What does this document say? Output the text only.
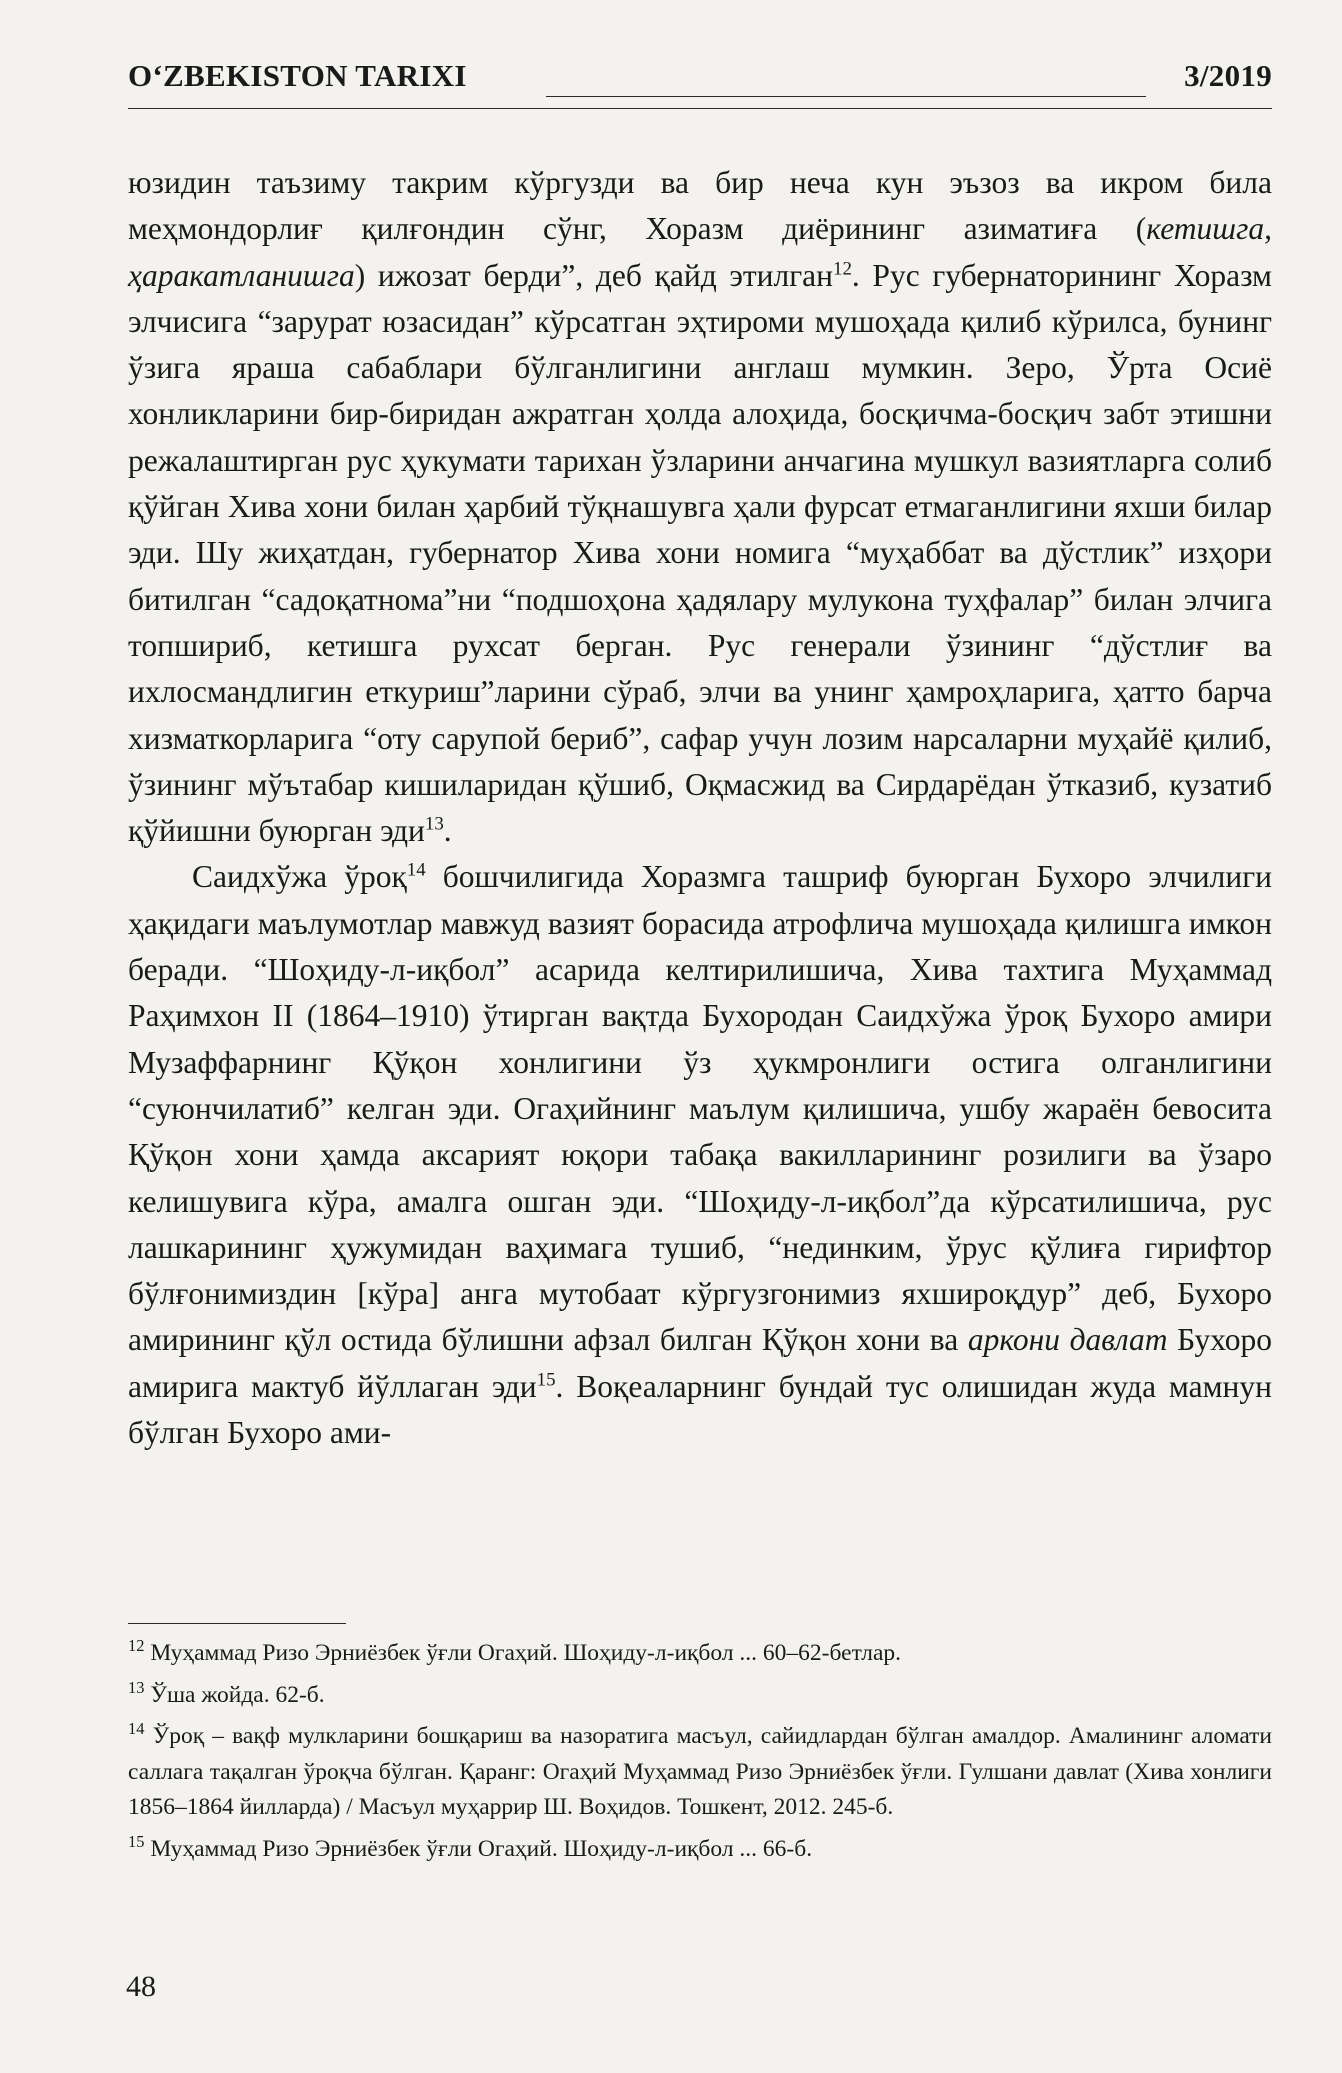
O‘ZBEKISTON TARIXI	3/2019

юзидин таъзиму такрим кўргузди ва бир неча кун эъзоз ва икром била меҳмондорлиғ қилғондин сўнг, Хоразм диёрининг азиматиға (кетишга, ҳаракатланишга) ижозат берди”, деб қайд этилган$^{12}$. Рус губернаторининг Хоразм элчисига “зарурат юзасидан” кўрсатган эҳтироми мушоҳада қилиб кўрилса, бунинг ўзига яраша сабаблари бўлганлигини англаш мумкин. Зеро, Ўрта Осиё хонликларини бир-биридан ажратган ҳолда алоҳида, босқичма-босқич забт этишни режалаштирган рус ҳукумати тарихан ўзларини анчагина мушкул вазиятларга солиб қўйган Хива хони билан ҳарбий тўқнашувга ҳали фурсат етмаганлигини яхши билар эди. Шу жиҳатдан, губернатор Хива хони номига “муҳаббат ва дўстлик” изҳори битилган “садоқатнома”ни “подшоҳона ҳадялару мулукона туҳфалар” билан элчига топшириб, кетишга рухсат берган. Рус генерали ўзининг “дўстлиғ ва ихлосмандлигин еткуриш”ларини сўраб, элчи ва унинг ҳамроҳларига, ҳатто барча хизматкорларига “оту сарупой бериб”, сафар учун лозим нарсаларни муҳайё қилиб, ўзининг мўътабар кишиларидан қўшиб, Оқмасжид ва Сирдарёдан ўтказиб, кузатиб қўйишни буюрган эди$^{13}$.

Саидхўжа ўроқ$^{14}$ бошчилигида Хоразмга ташриф буюрган Бухоро элчилиги ҳақидаги маълумотлар мавжуд вазият борасида атрофлича мушоҳада қилишга имкон беради. “Шоҳиду-л-иқбол” асарида келтирилишича, Хива тахтига Муҳаммад Раҳимхон II (1864–1910) ўтирган вақтда Бухородан Саидхўжа ўроқ Бухоро амири Музаффарнинг Қўқон хонлигини ўз ҳукмронлиги остига олганлигини “суюнчилатиб” келган эди. Огаҳийнинг маълум қилишича, ушбу жараён бевосита Қўқон хони ҳамда аксарият юқори табақа вакилларининг розилиги ва ўзаро келишувига кўра, амалга ошган эди. “Шоҳиду-л-иқбол”да кўрсатилишича, рус лашкарининг ҳужумидан ваҳимага тушиб, “нединким, ўрус қўлиға гирифтор бўлғонимиздин [кўра] анга мутобаат кўргузгонимиз яхшироқдур” деб, Бухоро амирининг қўл остида бўлишни афзал билган Қўқон хони ва аркони давлат Бухоро амирига мактуб йўллаган эди$^{15}$. Воқеаларнинг бундай тус олишидан жуда мамнун бўлган Бухоро ами-

$^{12}$ Муҳаммад Ризо Эрниёзбек ўғли Огаҳий. Шоҳиду-л-иқбол ... 60–62-бетлар.

$^{13}$ Ўша жойда. 62-б.

$^{14}$ Ўроқ – вақф мулкларини бошқариш ва назоратига масъул, сайидлардан бўлган амалдор. Амалининг аломати саллага тақалган ўроқча бўлган. Қаранг: Огаҳий Муҳаммад Ризо Эрниёзбек ўғли. Гулшани давлат (Хива хонлиги 1856–1864 йилларда) / Масъул муҳаррир Ш. Воҳидов. Тошкент, 2012. 245-б.

$^{15}$ Муҳаммад Ризо Эрниёзбек ўғли Огаҳий. Шоҳиду-л-иқбол ... 66-б.

48
